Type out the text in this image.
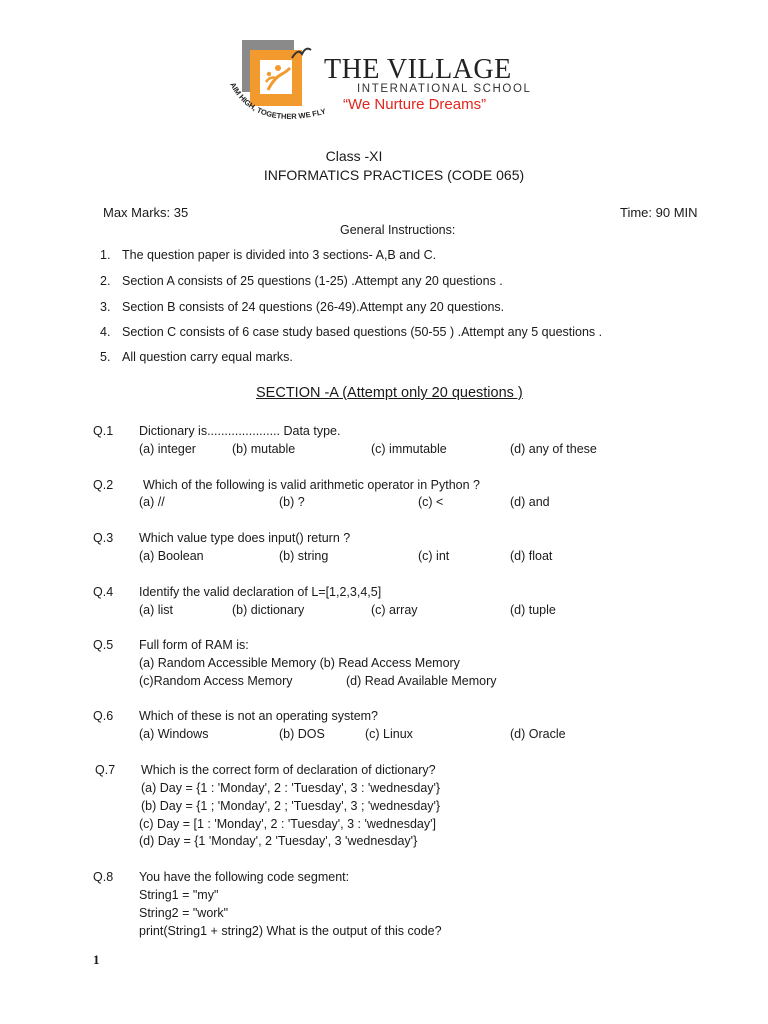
AIM HIGH, TOGETHER WE FLY
THE VILLAGE
INTERNATIONAL SCHOOL
“We Nurture Dreams”
Class -XI
INFORMATICS PRACTICES (CODE 065)
Max Marks: 35	Time: 90 MIN
General Instructions:
1. The question paper is divided into 3 sections- A,B and C.
2. Section A consists of 25 questions (1-25) .Attempt any 20 questions .
3. Section B consists of 24 questions (26-49).Attempt any 20 questions.
4. Section C consists of 6 case study based questions (50-55 ) .Attempt any 5 questions .
5. All question carry equal marks.
SECTION -A (Attempt only 20 questions )
Q.1 Dictionary is..................... Data type.
(a) integer	(b) mutable	(c) immutable	(d) any of these
Q.2 Which of the following is valid arithmetic operator in Python ?
(a) //	(b) ?	(c) <	(d) and
Q.3 Which value type does input() return ?
(a) Boolean	(b) string	(c) int	(d) float
Q.4 Identify the valid declaration of L=[1,2,3,4,5]
(a) list	(b) dictionary	(c) array	(d) tuple
Q.5 Full form of RAM is:
(a) Random Accessible Memory (b) Read Access Memory
(c)Random Access Memory	(d) Read Available Memory
Q.6 Which of these is not an operating system?
(a) Windows	(b) DOS	(c) Linux	(d) Oracle
Q.7 Which is the correct form of declaration of dictionary?
(a) Day = {1 : 'Monday', 2 : 'Tuesday', 3 : 'wednesday'}
(b) Day = {1 ; 'Monday', 2 ; 'Tuesday', 3 ; 'wednesday'}
(c) Day = [1 : 'Monday', 2 : 'Tuesday', 3 : 'wednesday']
(d) Day = {1 'Monday', 2 'Tuesday', 3 'wednesday'}
Q.8 You have the following code segment:
String1 = "my"
String2 = "work"
print(String1 + string2) What is the output of this code?
1
